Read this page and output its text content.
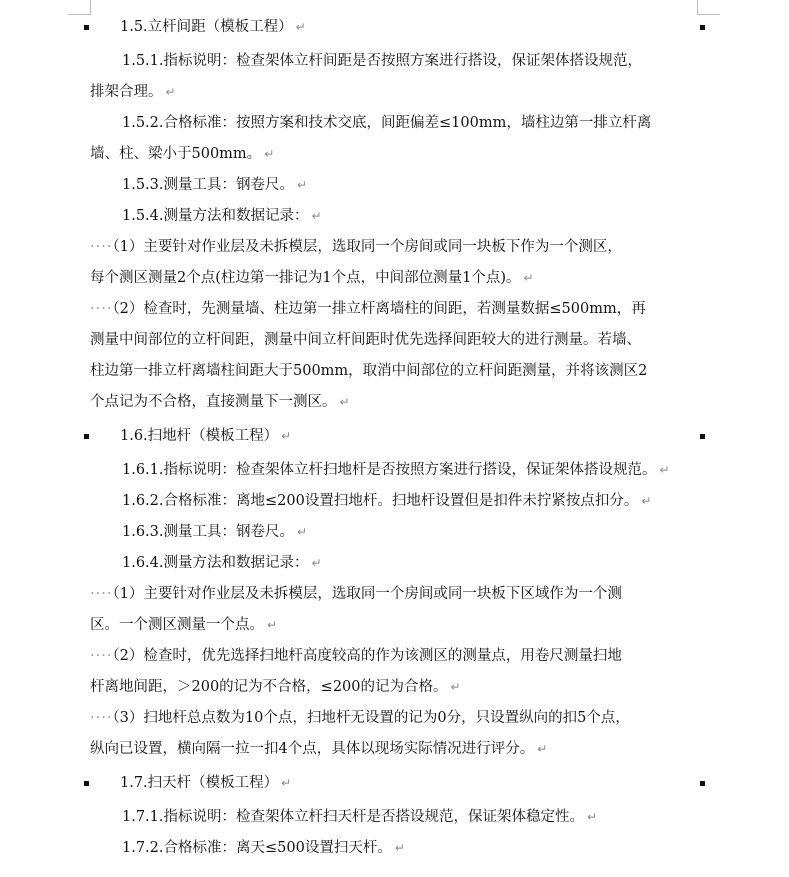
1.5.立杆间距（模板工程） ↵
1.5.1.指标说明：检查架体立杆间距是否按照方案进行搭设，保证架体搭设规范，
排架合理。 ↵
1.5.2.合格标准：按照方案和技术交底，间距偏差≤100mm，墙柱边第一排立杆离
墙、柱、梁小于500mm。 ↵
1.5.3.测量工具：钢卷尺。 ↵
1.5.4.测量方法和数据记录： ↵
····（1）主要针对作业层及未拆模层，选取同一个房间或同一块板下作为一个测区，
每个测区测量2个点(柱边第一排记为1个点，中间部位测量1个点)。 ↵
····（2）检查时，先测量墙、柱边第一排立杆离墙柱的间距，若测量数据≤500mm，再
测量中间部位的立杆间距，测量中间立杆间距时优先选择间距较大的进行测量。若墙、
柱边第一排立杆离墙柱间距大于500mm，取消中间部位的立杆间距测量，并将该测区2
个点记为不合格，直接测量下一测区。 ↵
1.6.扫地杆（模板工程） ↵
1.6.1.指标说明：检查架体立杆扫地杆是否按照方案进行搭设，保证架体搭设规范。 ↵
1.6.2.合格标准：离地≤200设置扫地杆。扫地杆设置但是扣件未拧紧按点扣分。 ↵
1.6.3.测量工具：钢卷尺。 ↵
1.6.4.测量方法和数据记录： ↵
····（1）主要针对作业层及未拆模层，选取同一个房间或同一块板下区域作为一个测
区。一个测区测量一个点。 ↵
····（2）检查时，优先选择扫地杆高度较高的作为该测区的测量点，用卷尺测量扫地
杆离地间距，＞200的记为不合格，≤200的记为合格。 ↵
····（3）扫地杆总点数为10个点，扫地杆无设置的记为0分，只设置纵向的扣5个点，
纵向已设置，横向隔一拉一扣4个点，具体以现场实际情况进行评分。 ↵
1.7.扫天杆（模板工程） ↵
1.7.1.指标说明：检查架体立杆扫天杆是否搭设规范，保证架体稳定性。 ↵
1.7.2.合格标准：离天≤500设置扫天杆。 ↵
